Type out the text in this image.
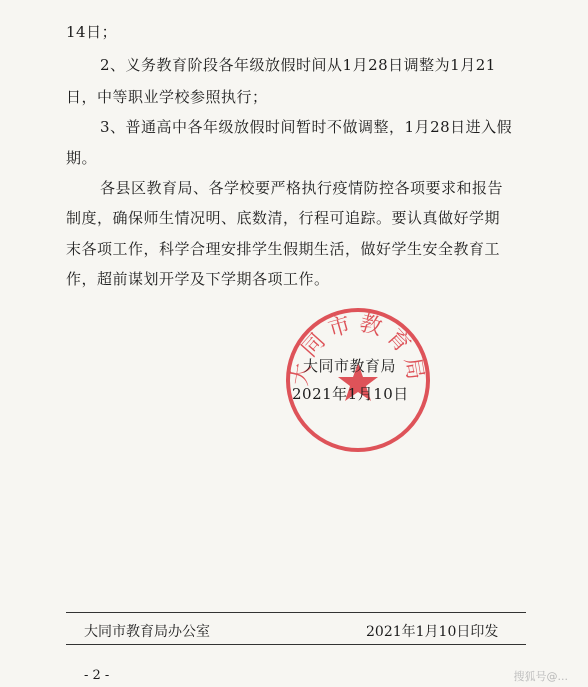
14日；
2、义务教育阶段各年级放假时间从1月28日调整为1月21
日，中等职业学校参照执行；
3、普通高中各年级放假时间暂时不做调整，1月28日进入假
期。
各县区教育局、各学校要严格执行疫情防控各项要求和报告
制度，确保师生情况明、底数清，行程可追踪。要认真做好学期
末各项工作，科学合理安排学生假期生活，做好学生安全教育工
作，超前谋划开学及下学期各项工作。
大同市教育局
大同市教育局
2021年1月10日
大同市教育局办公室	2021年1月10日印发
- 2 -	搜狐号@...
